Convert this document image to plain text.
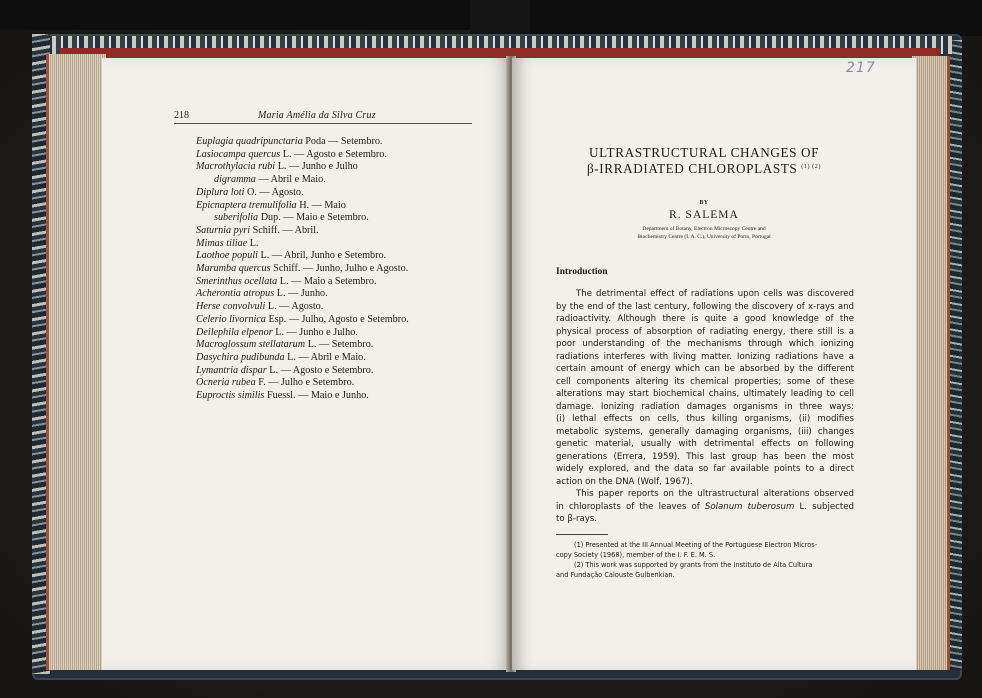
218	Maria Amélia da Silva Cruz
Euplagia quadripunctaria Poda — Setembro.
Lasiocampa quercus L. — Agosto e Setembro.
Macrothylacia rubi L. — Junho e Julho
digramma — Abril e Maio.
Diplura loti O. — Agosto.
Epicnaptera tremulifolia H. — Maio
suberifolia Dup. — Maio e Setembro.
Saturnia pyri Schiff. — Abril.
Mimas tiliae L.
Laothoe populi L. — Abril, Junho e Setembro.
Marumba quercus Schiff. — Junho, Julho e Agosto.
Smerinthus ocellata L. — Maio a Setembro.
Acherontia atropus L. — Junho.
Herse convolvuli L. — Agosto.
Celerio livornica Esp. — Julho, Agosto e Setembro.
Deilephila elpenor L. — Junho e Julho.
Macroglossum stellatarum L. — Setembro.
Dasychira pudibunda L. — Abril e Maio.
Lymantria dispar L. — Agosto e Setembro.
Ocneria rubea F. — Julho e Setembro.
Euproctis similis Fuessl. — Maio e Junho.
217
ULTRASTRUCTURAL CHANGES OF
β-IRRADIATED CHLOROPLASTS $^{(1) (2)}$
BY
R. SALEMA
Department of Botany, Electron Microscopy Centre and
Biochemistry Centre (I. A. C.), University of Porto, Portugal
Introduction
The detrimental effect of radiations upon cells was discovered
by the end of the last century, following the discovery of x-rays and
radioactivity. Although there is quite a good knowledge of the
physical process of absorption of radiating energy, there still is a
poor understanding of the mechanisms through which ionizing
radiations interferes with living matter. Ionizing radiations have a
certain amount of energy which can be absorbed by the different
cell components altering its chemical properties; some of these
alterations may start biochemical chains, ultimately leading to cell
damage. Ionizing radiation damages organisms in three ways:
(i) lethal effects on cells, thus killing organisms, (ii) modifies
metabolic systems, generally damaging organisms, (iii) changes
genetic material, usually with detrimental effects on following
generations (Errera, 1959). This last group has been the most
widely explored, and the data so far available points to a direct
action on the DNA (Wolf, 1967).
This paper reports on the ultrastructural alterations observed
in chloroplasts of the leaves of Solanum tuberosum L. subjected
to β-rays.
(1) Presented at the III Annual Meeting of the Portuguese Electron Micros-
copy Society (1968), member of the I. F. E. M. S.
(2) This work was supported by grants from the Instituto de Alta Cultura
and Fundação Calouste Gulbenkian.
